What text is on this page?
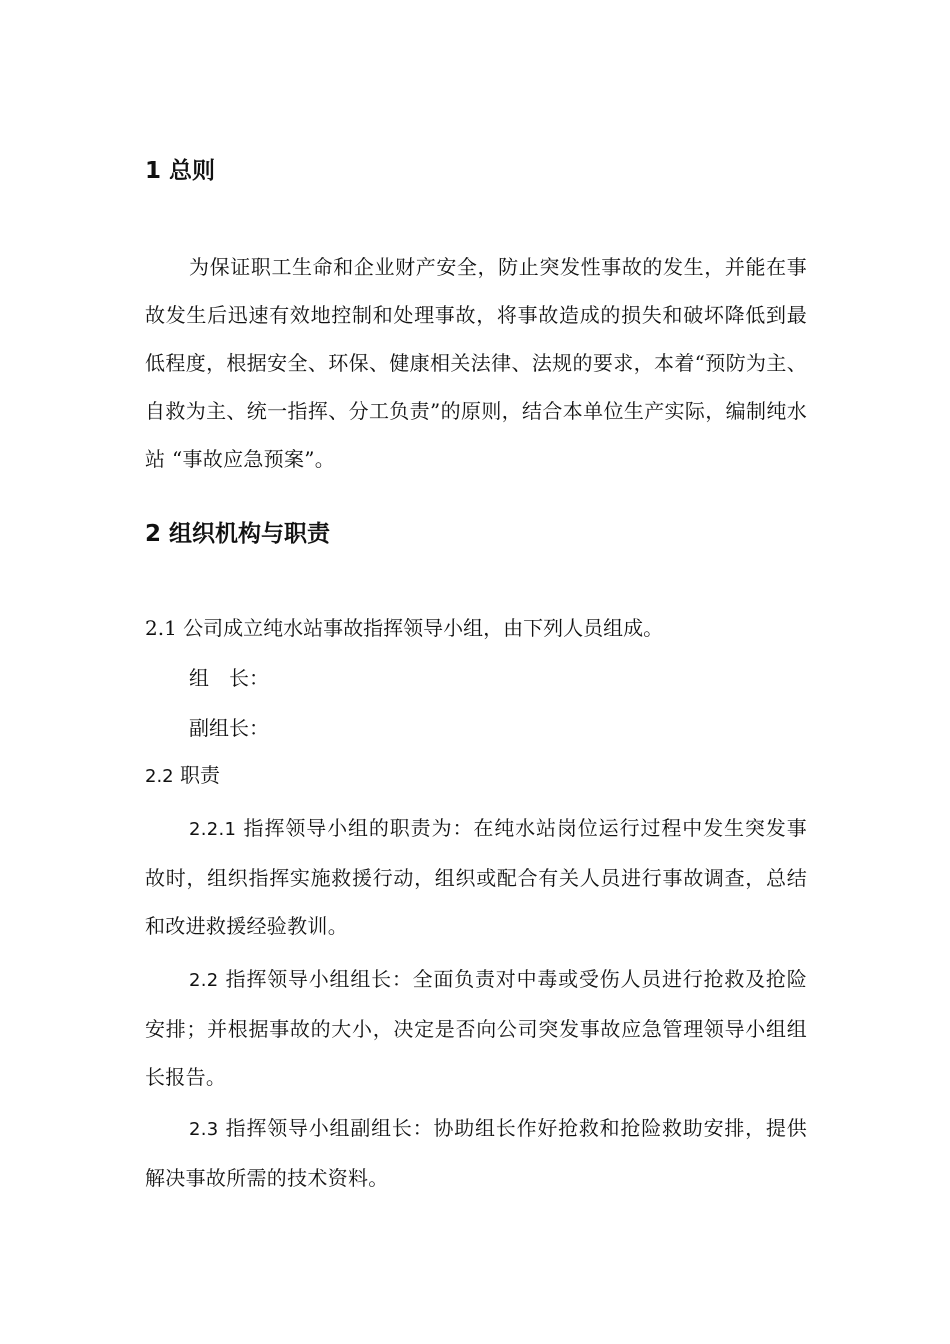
1 总则

为保证职工生命和企业财产安全，防止突发性事故的发生，并能在事故发生后迅速有效地控制和处理事故，将事故造成的损失和破坏降低到最低程度，根据安全、环保、健康相关法律、法规的要求，本着“预防为主、自救为主、统一指挥、分工负责”的原则，结合本单位生产实际，编制纯水站 “事故应急预案”。

2 组织机构与职责

2.1 公司成立纯水站事故指挥领导小组，由下列人员组成。

组　长：

副组长：

2.2 职责

2.2.1 指挥领导小组的职责为：在纯水站岗位运行过程中发生突发事故时，组织指挥实施救援行动，组织或配合有关人员进行事故调查，总结和改进救援经验教训。

2.2 指挥领导小组组长：全面负责对中毒或受伤人员进行抢救及抢险安排；并根据事故的大小，决定是否向公司突发事故应急管理领导小组组长报告。

2.3 指挥领导小组副组长：协助组长作好抢救和抢险救助安排，提供解决事故所需的技术资料。
